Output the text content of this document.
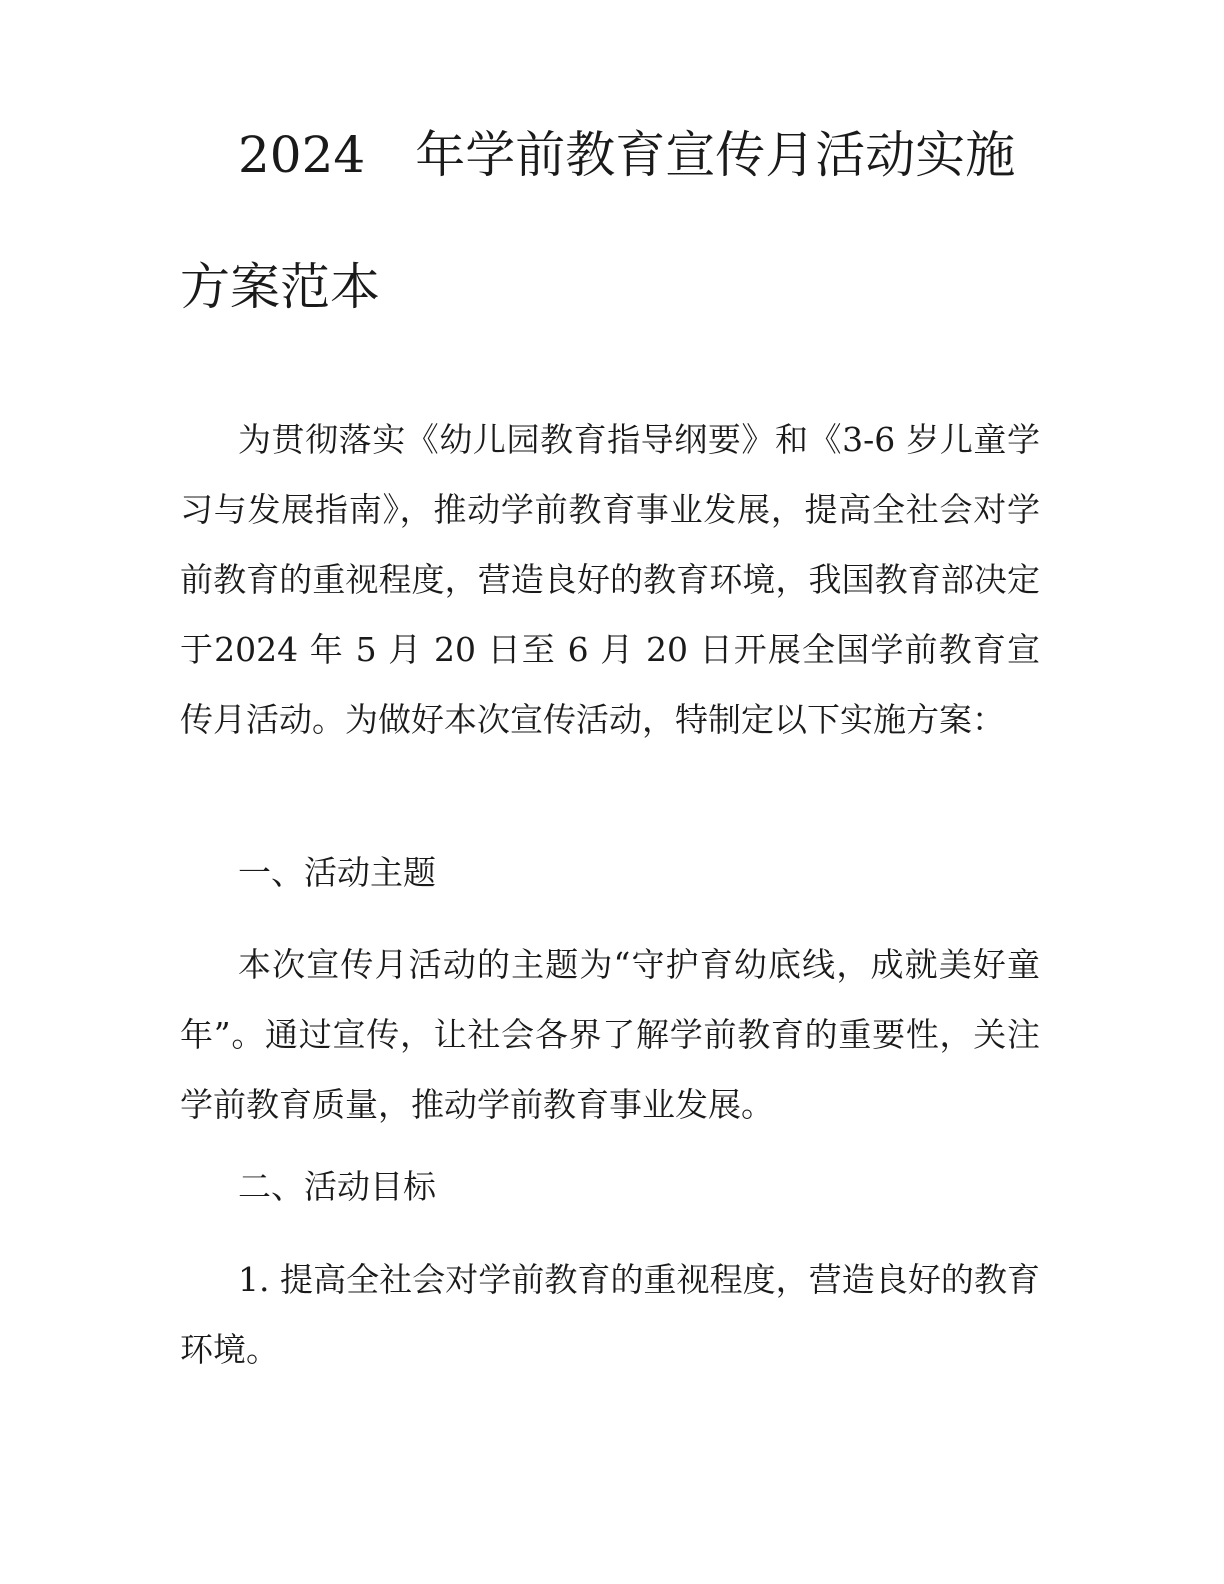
2024　年学前教育宣传月活动实施
方案范本

为贯彻落实《幼儿园教育指导纲要》和《3-6 岁儿童学习与发展指南》，推动学前教育事业发展，提高全社会对学前教育的重视程度，营造良好的教育环境，我国教育部决定于2024 年 5 月 20 日至 6 月 20 日开展全国学前教育宣传月活动。为做好本次宣传活动，特制定以下实施方案：

一、活动主题

本次宣传月活动的主题为“守护育幼底线，成就美好童年”。通过宣传，让社会各界了解学前教育的重要性，关注学前教育质量，推动学前教育事业发展。

二、活动目标

1. 提高全社会对学前教育的重视程度，营造良好的教育环境。
